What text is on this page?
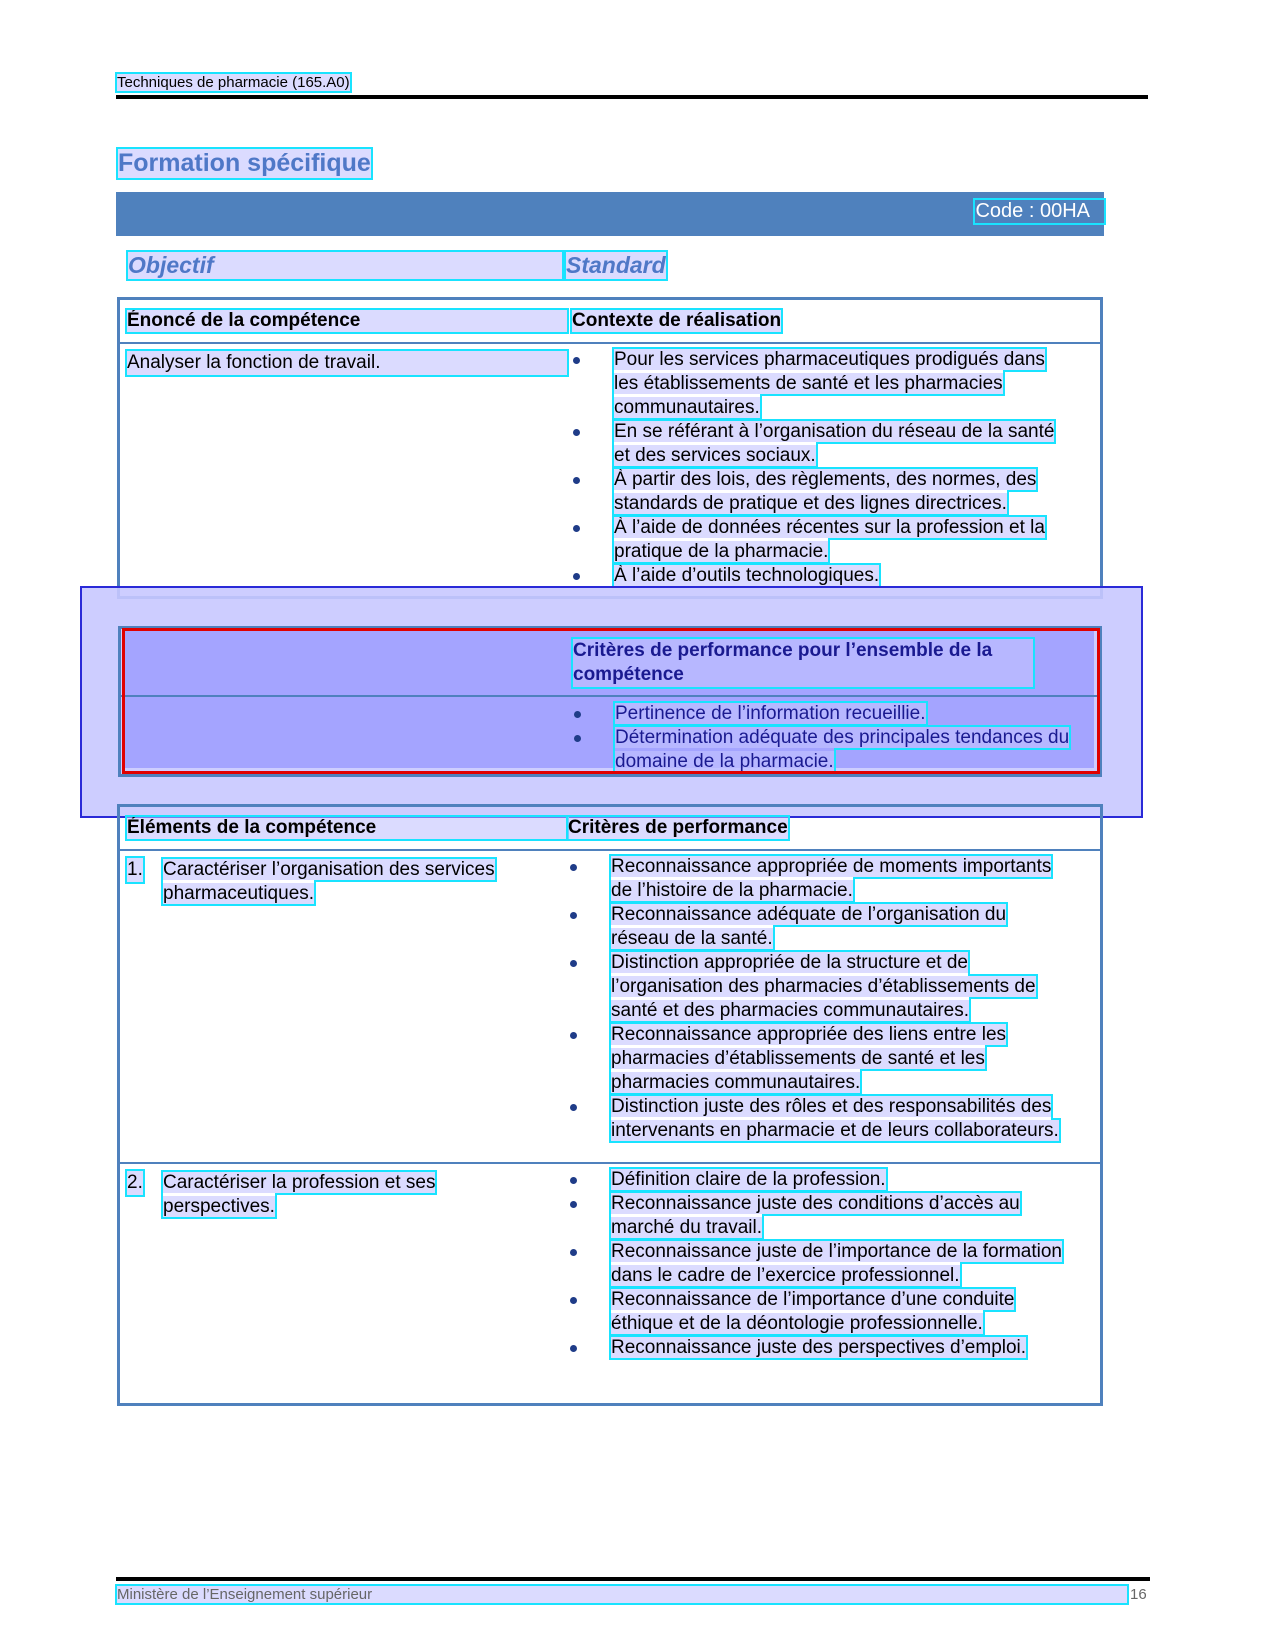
Techniques de pharmacie (165.A0)
Formation spécifique
Code : 00HA
Objectif	Standard
Énoncé de la compétence	Contexte de réalisation
Analyser la fonction de travail.	Pour les services pharmaceutiques prodigués dans les établissements de santé et les pharmacies communautaires.
En se référant à l’organisation du réseau de la santé et des services sociaux.
À partir des lois, des règlements, des normes, des standards de pratique et des lignes directrices.
À l’aide de données récentes sur la profession et la pratique de la pharmacie.
À l’aide d’outils technologiques.
Critères de performance pour l’ensemble de la compétence
Pertinence de l’information recueillie.
Détermination adéquate des principales tendances du domaine de la pharmacie.
Éléments de la compétence	Critères de performance
1.	Caractériser l’organisation des services pharmaceutiques.
Reconnaissance appropriée de moments importants de l’histoire de la pharmacie.
Reconnaissance adéquate de l’organisation du réseau de la santé.
Distinction appropriée de la structure et de l’organisation des pharmacies d’établissements de santé et des pharmacies communautaires.
Reconnaissance appropriée des liens entre les pharmacies d’établissements de santé et les pharmacies communautaires.
Distinction juste des rôles et des responsabilités des intervenants en pharmacie et de leurs collaborateurs.
2.	Caractériser la profession et ses perspectives.
Définition claire de la profession.
Reconnaissance juste des conditions d’accès au marché du travail.
Reconnaissance juste de l’importance de la formation dans le cadre de l’exercice professionnel.
Reconnaissance de l’importance d’une conduite éthique et de la déontologie professionnelle.
Reconnaissance juste des perspectives d’emploi.
Ministère de l’Enseignement supérieur	16
